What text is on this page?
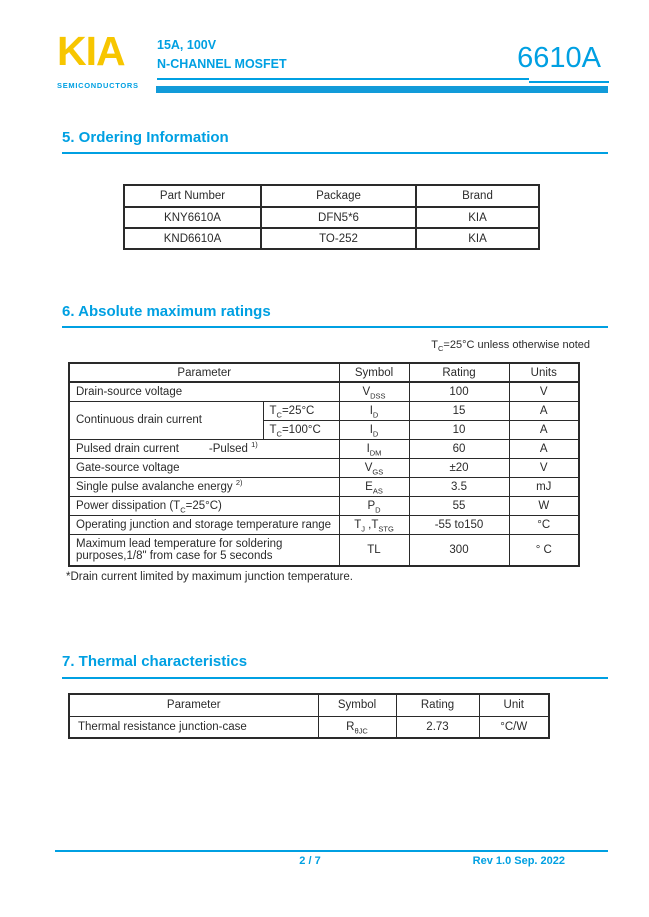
KIA
SEMICONDUCTORS
15A, 100V
N-CHANNEL MOSFET	6610A
5. Ordering Information
Part Number	Package	Brand
KNY6610A	DFN5*6	KIA
KND6610A	TO-252	KIA
6. Absolute maximum ratings
$T_C=25^\circ C$ unless otherwise noted
Parameter		Symbol	Rating	Units
Drain-source voltage		$V_{DSS}$	100	V
Continuous drain current	$T_C=25^\circ C$	$I_D$	15	A
	$T_C=100^\circ C$	$I_D$	10	A
Pulsed drain current -Pulsed $^{1)}$		$I_{DM}$	60	A
Gate-source voltage		$V_{GS}$	±20	V
Single pulse avalanche energy $^{2)}$		$E_{AS}$	3.5	mJ
Power dissipation $(T_C=25^\circ C)$		$P_D$	55	W
Operating junction and storage temperature range		$T_J$ $,T_{STG}$	-55 to150	°C

Maximum lead temperature for soldering
purposes,1/8" from case for 5 seconds		TL	300	° C
*Drain current limited by maximum junction temperature.
7. Thermal characteristics
Parameter	Symbol	Rating	Unit
Thermal resistance junction-case	$R_{\theta JC}$	2.73	°C/W
2 / 7	Rev 1.0 Sep. 2022
